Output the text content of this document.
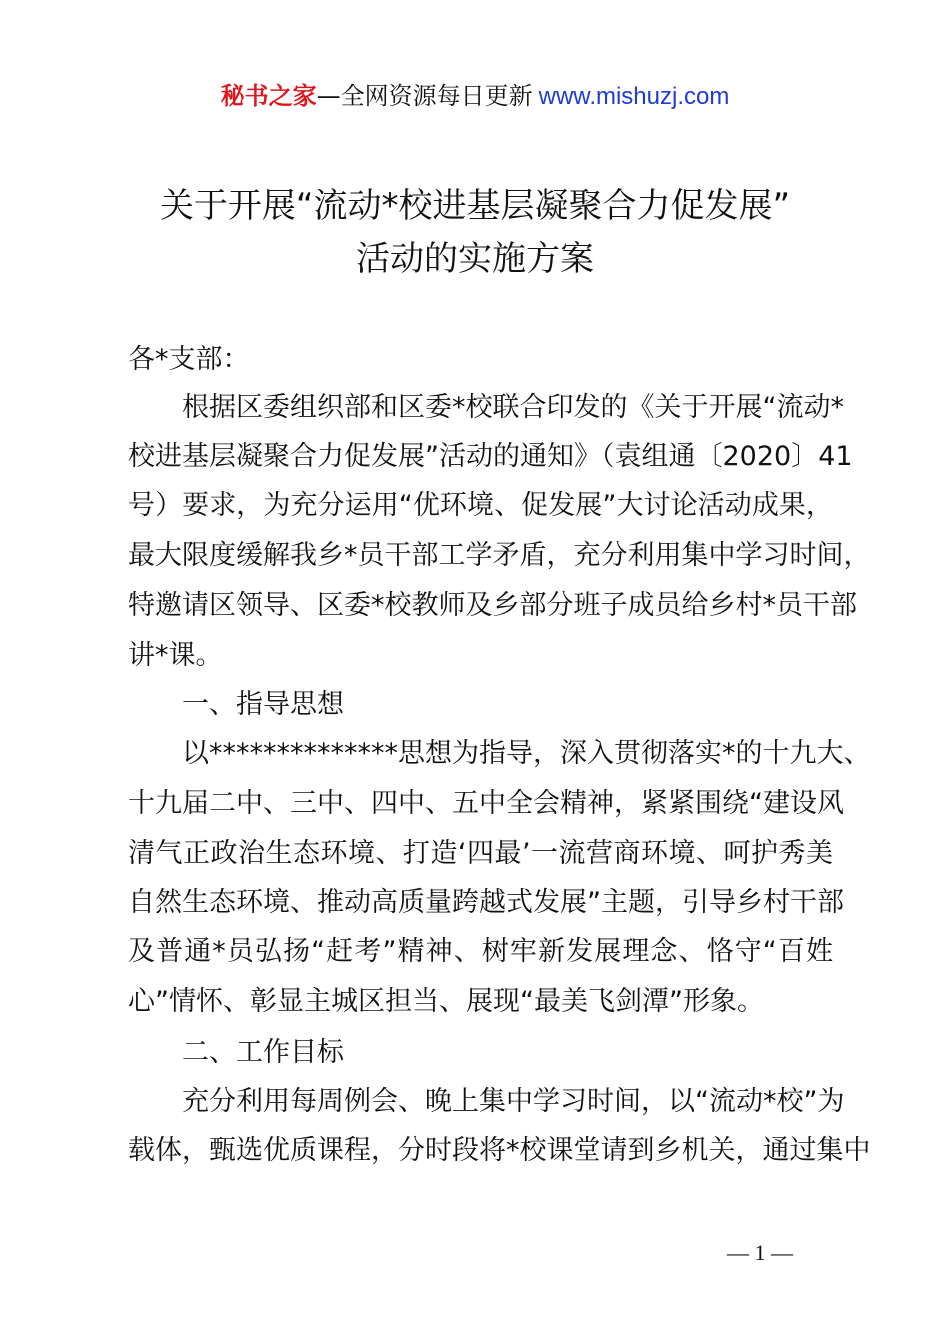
秘书之家—全网资源每日更新 www.mishuzj.com
关于开展“流动*校进基层凝聚合力促发展”
活动的实施方案
各*支部：
　　根据区委组织部和区委*校联合印发的《关于开展“流动*
校进基层凝聚合力促发展”活动的通知》（袁组通〔2020〕41
号）要求，为充分运用“优环境、促发展”大讨论活动成果，
最大限度缓解我乡*员干部工学矛盾，充分利用集中学习时间，
特邀请区领导、区委*校教师及乡部分班子成员给乡村*员干部
讲*课。
　　一、指导思想
　　以**************思想为指导，深入贯彻落实*的十九大、
十九届二中、三中、四中、五中全会精神，紧紧围绕“建设风
清气正政治生态环境、打造‘四最’一流营商环境、呵护秀美
自然生态环境、推动高质量跨越式发展”主题，引导乡村干部
及普通*员弘扬“赶考”精神、树牢新发展理念、恪守“百姓
心”情怀、彰显主城区担当、展现“最美飞剑潭”形象。
　　二、工作目标
　　充分利用每周例会、晚上集中学习时间，以“流动*校”为
载体，甄选优质课程，分时段将*校课堂请到乡机关，通过集中
— 1 —
